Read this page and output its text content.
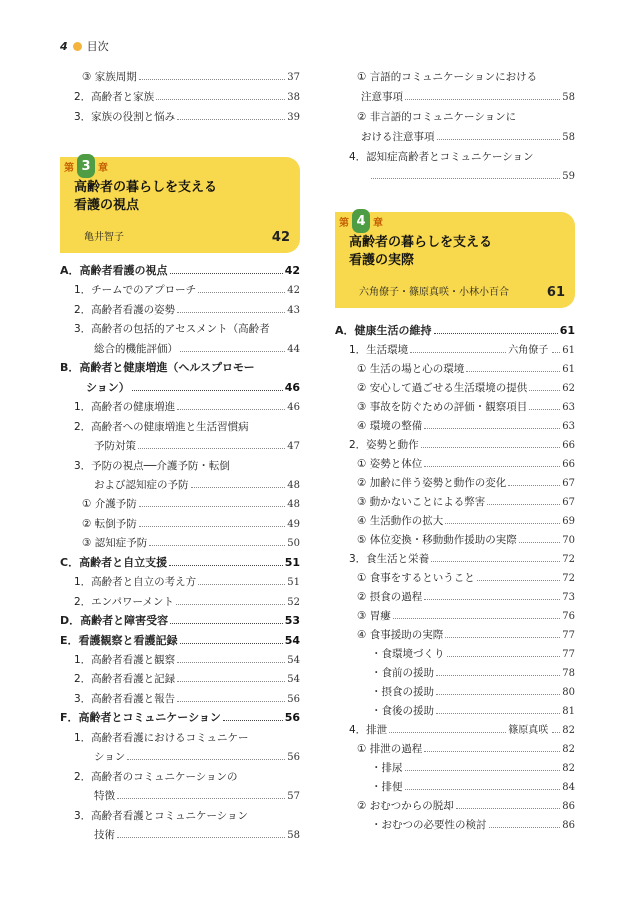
4 目次
③ 家族周期	37
2．高齢者と家族	38
3．家族の役割と悩み	39
A．高齢者看護の視点	42
1．チームでのアプローチ	42
2．高齢者看護の姿勢	43
3．高齢者の包括的アセスメント（高齢者
総合的機能評価）	44
B．高齢者と健康増進（ヘルスプロモー
ション）	46
1．高齢者の健康増進	46
2．高齢者への健康増進と生活習慣病
予防対策	47
3．予防の視点──介護予防・転倒
および認知症の予防	48
① 介護予防	48
② 転倒予防	49
③ 認知症予防	50
C．高齢者と自立支援	51
1．高齢者と自立の考え方	51
2．エンパワーメント	52
D．高齢者と障害受容	53
E．看護観察と看護記録	54
1．高齢者看護と観察	54
2．高齢者看護と記録	54
3．高齢者看護と報告	56
F．高齢者とコミュニケーション	56
1．高齢者看護におけるコミュニケー
ション	56
2．高齢者のコミュニケーションの
特徴	57
3．高齢者看護とコミュニケーション
技術	58
① 言語的コミュニケーションにおける
注意事項	58
② 非言語的コミュニケーションに
おける注意事項	58
4．認知症高齢者とコミュニケーション
59
A．健康生活の維持	61
1．生活環境	六角僚子 61
① 生活の場と心の環境	61
② 安心して過ごせる生活環境の提供	62
③ 事故を防ぐための評価・観察項目	63
④ 環境の整備	63
2．姿勢と動作	66
① 姿勢と体位	66
② 加齢に伴う姿勢と動作の変化	67
③ 動かないことによる弊害	67
④ 生活動作の拡大	69
⑤ 体位変換・移動動作援助の実際	70
3．食生活と栄養	72
① 食事をするということ	72
② 摂食の過程	73
③ 胃瘻	76
④ 食事援助の実際	77
・食環境づくり	77
・食前の援助	78
・摂食の援助	80
・食後の援助	81
4．排泄	篠原真咲 82
① 排泄の過程	82
・排尿	82
・排便	84
② おむつからの脱却	86
・おむつの必要性の検討	86
第 3 章
高齢者の暮らしを支える
看護の視点
亀井智子	42
第 4 章
高齢者の暮らしを支える
看護の実際
六角僚子・篠原真咲・小林小百合	61
